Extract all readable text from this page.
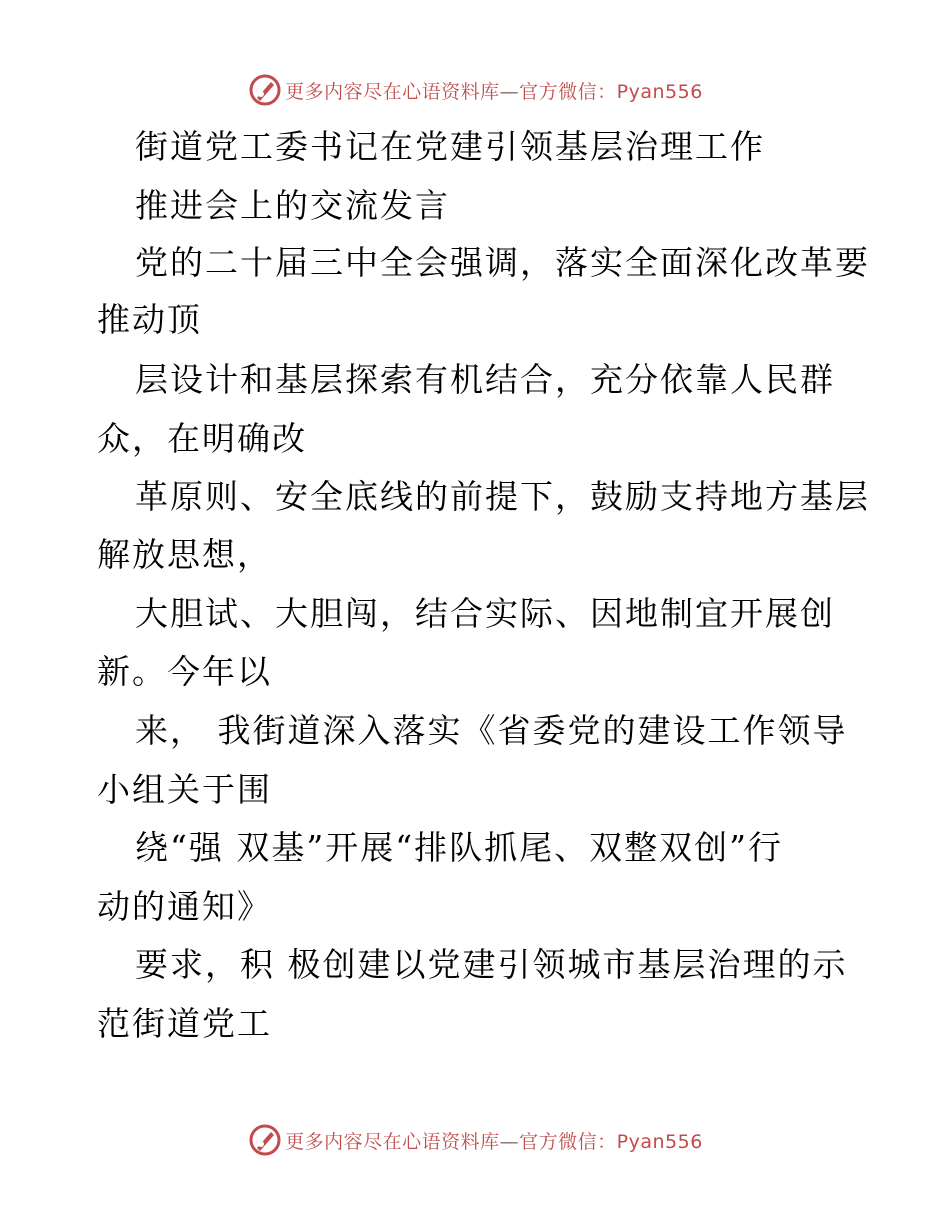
更多内容尽在心语资料库—官方微信：Pyan556
街道党工委书记在党建引领基层治理工作
推进会上的交流发言
党的二十届三中全会强调，落实全面深化改革要
推动顶
层设计和基层探索有机结合，充分依靠人民群
众，在明确改
革原则、安全底线的前提下，鼓励支持地方基层
解放思想，
大胆试、大胆闯，结合实际、因地制宜开展创
新。今年以
来， 我街道深入落实《省委党的建设工作领导
小组关于围
绕“强 双基”开展“排队抓尾、双整双创”行
动的通知》
要求，积 极创建以党建引领城市基层治理的示
范街道党工
更多内容尽在心语资料库—官方微信：Pyan556
